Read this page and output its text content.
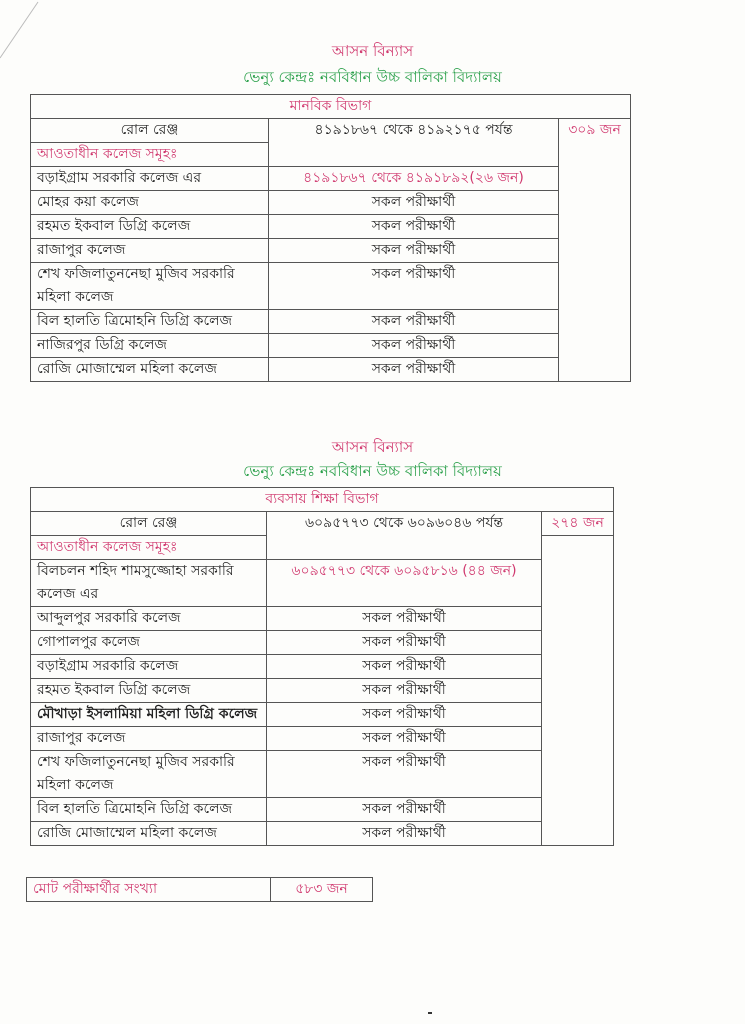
আসন বিন্যাস
ভেন্যু কেন্দ্রঃ নববিধান উচ্চ বালিকা বিদ্যালয়
মানবিক বিভাগ		
রোল রেঞ্জ	৪১৯১৮৬৭ থেকে ৪১৯২১৭৫ পর্যন্ত	৩০৯ জন
আওতাধীন কলেজ সমূহঃ		
বড়াইগ্রাম সরকারি কলেজ এর	৪১৯১৮৬৭ থেকে ৪১৯১৮৯২(২৬ জন)	
মোহর কয়া কলেজ	সকল পরীক্ষার্থী	
রহমত ইকবাল ডিগ্রি কলেজ	সকল পরীক্ষার্থী	
রাজাপুর কলেজ	সকল পরীক্ষার্থী	
শেখ ফজিলাতুননেছা মুজিব সরকারি মহিলা কলেজ	সকল পরীক্ষার্থী	
বিল হালতি ত্রিমোহনি ডিগ্রি কলেজ	সকল পরীক্ষার্থী	
নাজিরপুর ডিগ্রি কলেজ	সকল পরীক্ষার্থী	
রোজি মোজাম্মেল মহিলা কলেজ	সকল পরীক্ষার্থী	
আসন বিন্যাস
ভেন্যু কেন্দ্রঃ নববিধান উচ্চ বালিকা বিদ্যালয়
ব্যবসায় শিক্ষা বিভাগ		
রোল রেঞ্জ	৬০৯৫৭৭৩ থেকে ৬০৯৬০৪৬ পর্যন্ত	২৭৪ জন
আওতাধীন কলেজ সমূহঃ		
বিলচলন শহিদ শামসুজ্জোহা সরকারি কলেজ এর	৬০৯৫৭৭৩ থেকে ৬০৯৫৮১৬ (৪৪ জন)	
আব্দুলপুর সরকারি কলেজ	সকল পরীক্ষার্থী	
গোপালপুর কলেজ	সকল পরীক্ষার্থী	
বড়াইগ্রাম সরকারি কলেজ	সকল পরীক্ষার্থী	
রহমত ইকবাল ডিগ্রি কলেজ	সকল পরীক্ষার্থী	
মৌখাড়া ইসলামিয়া মহিলা ডিগ্রি কলেজ	সকল পরীক্ষার্থী	
রাজাপুর কলেজ	সকল পরীক্ষার্থী	
শেখ ফজিলাতুননেছা মুজিব সরকারি মহিলা কলেজ	সকল পরীক্ষার্থী	
বিল হালতি ত্রিমোহনি ডিগ্রি কলেজ	সকল পরীক্ষার্থী	
রোজি মোজাম্মেল মহিলা কলেজ	সকল পরীক্ষার্থী	
মোট পরীক্ষার্থীর সংখ্যা	৫৮৩ জন
